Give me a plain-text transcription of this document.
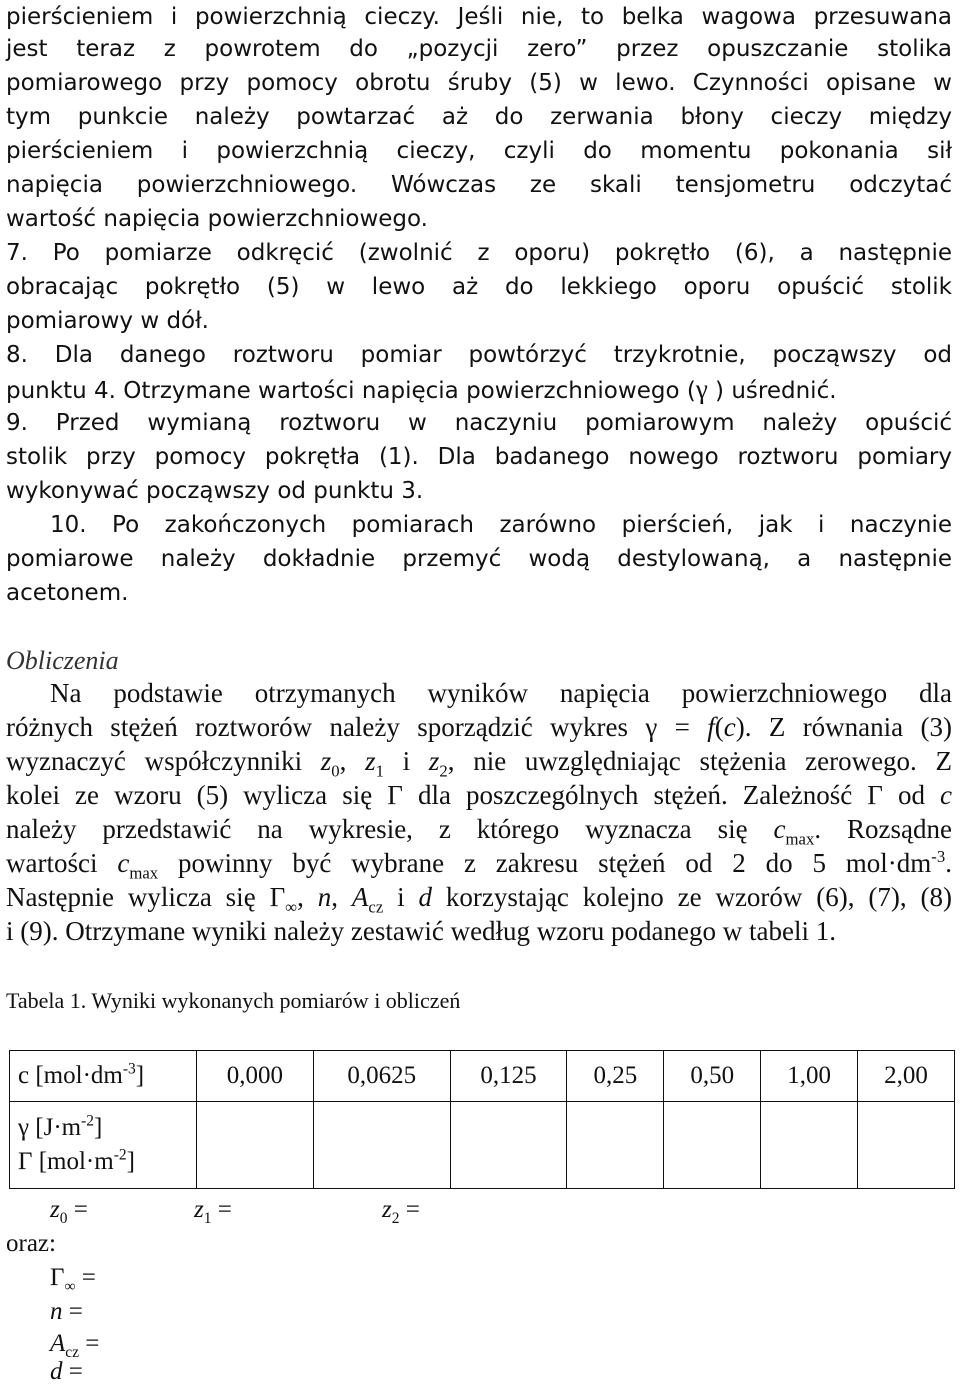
pierścieniem i powierzchnią cieczy. Jeśli nie, to belka wagowa przesuwana
jest teraz z powrotem do „pozycji zero” przez opuszczanie stolika
pomiarowego przy pomocy obrotu śruby (5) w lewo. Czynności opisane w
tym punkcie należy powtarzać aż do zerwania błony cieczy między
pierścieniem i powierzchnią cieczy, czyli do momentu pokonania sił
napięcia powierzchniowego. Wówczas ze skali tensjometru odczytać
wartość napięcia powierzchniowego.
7. Po pomiarze odkręcić (zwolnić z oporu) pokrętło (6), a następnie
obracając pokrętło (5) w lewo aż do lekkiego oporu opuścić stolik
pomiarowy w dół.
8. Dla danego roztworu pomiar powtórzyć trzykrotnie, począwszy od
punktu 4. Otrzymane wartości napięcia powierzchniowego (γ ) uśrednić.
9. Przed wymianą roztworu w naczyniu pomiarowym należy opuścić
stolik przy pomocy pokrętła (1). Dla badanego nowego roztworu pomiary
wykonywać począwszy od punktu 3.
10. Po zakończonych pomiarach zarówno pierścień, jak i naczynie
pomiarowe należy dokładnie przemyć wodą destylowaną, a następnie
acetonem.
Obliczenia
Na podstawie otrzymanych wyników napięcia powierzchniowego dla
różnych stężeń roztworów należy sporządzić wykres γ = f(c). Z równania (3)
wyznaczyć współczynniki $z_0$, $z_1$ i $z_2$, nie uwzględniając stężenia zerowego. Z
kolei ze wzoru (5) wylicza się Γ dla poszczególnych stężeń. Zależność Γ od c
należy przedstawić na wykresie, z którego wyznacza się $c_{max}$. Rozsądne
wartości $c_{max}$ powinny być wybrane z zakresu stężeń od 2 do 5 $mol\cdot dm^{-3}$.
Następnie wylicza się $\Gamma_\infty$, n, $A_{cz}$ i d korzystając kolejno ze wzorów (6), (7), (8)
i (9). Otrzymane wyniki należy zestawić według wzoru podanego w tabeli 1.
Tabela 1. Wyniki wykonanych pomiarów i obliczeń
c $[mol\cdot dm^{-3}]$	0,000	0,0625	0,125	0,25	0,50	1,00	2,00

γ $[J\cdot m^{-2}]$
Γ $[mol\cdot m^{-2}]$							

$z_0$ =	$z_1$ =	$z_2$ =
oraz:
$\Gamma_\infty$ =
n =
$A_{cz}$ =
d =
